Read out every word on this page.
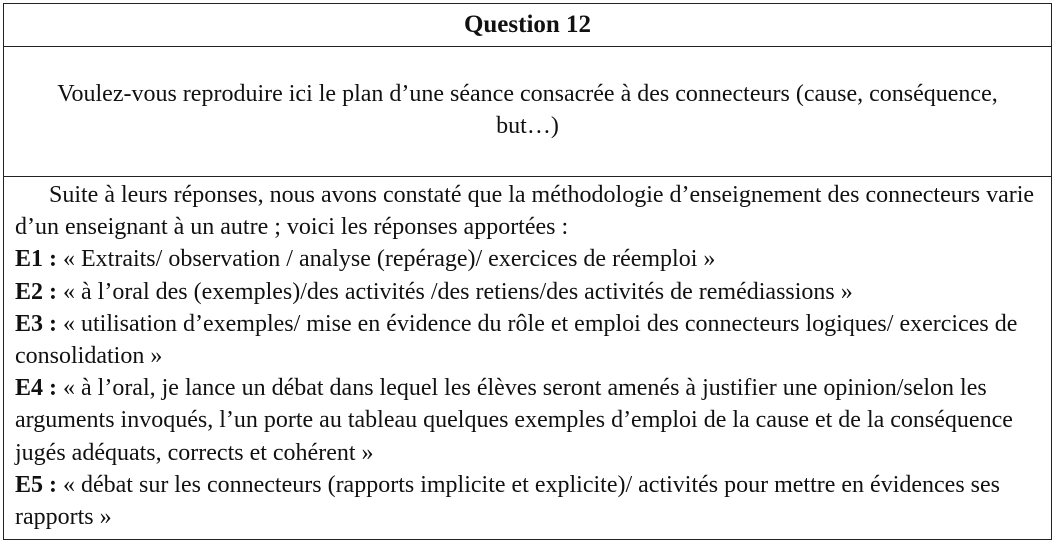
Question 12
Voulez-vous reproduire ici le plan d’une séance consacrée à des connecteurs (cause, conséquence, but…)

Suite à leurs réponses, nous avons constaté que la méthodologie d’enseignement des connecteurs varie d’un enseignant à un autre ; voici les réponses apportées :

E1 : « Extraits/ observation / analyse (repérage)/ exercices de réemploi »

E2 : « à l’oral des (exemples)/des activités /des retiens/des activités de remédiassions »

E3 : « utilisation d’exemples/ mise en évidence du rôle et emploi des connecteurs logiques/ exercices de consolidation »

E4 : « à l’oral, je lance un débat dans lequel les élèves seront amenés à justifier une opinion/selon les arguments invoqués, l’un porte au tableau quelques exemples d’emploi de la cause et de la conséquence jugés adéquats, corrects et cohérent »

E5 : « débat sur les connecteurs (rapports implicite et explicite)/ activités pour mettre en évidences ses rapports »
